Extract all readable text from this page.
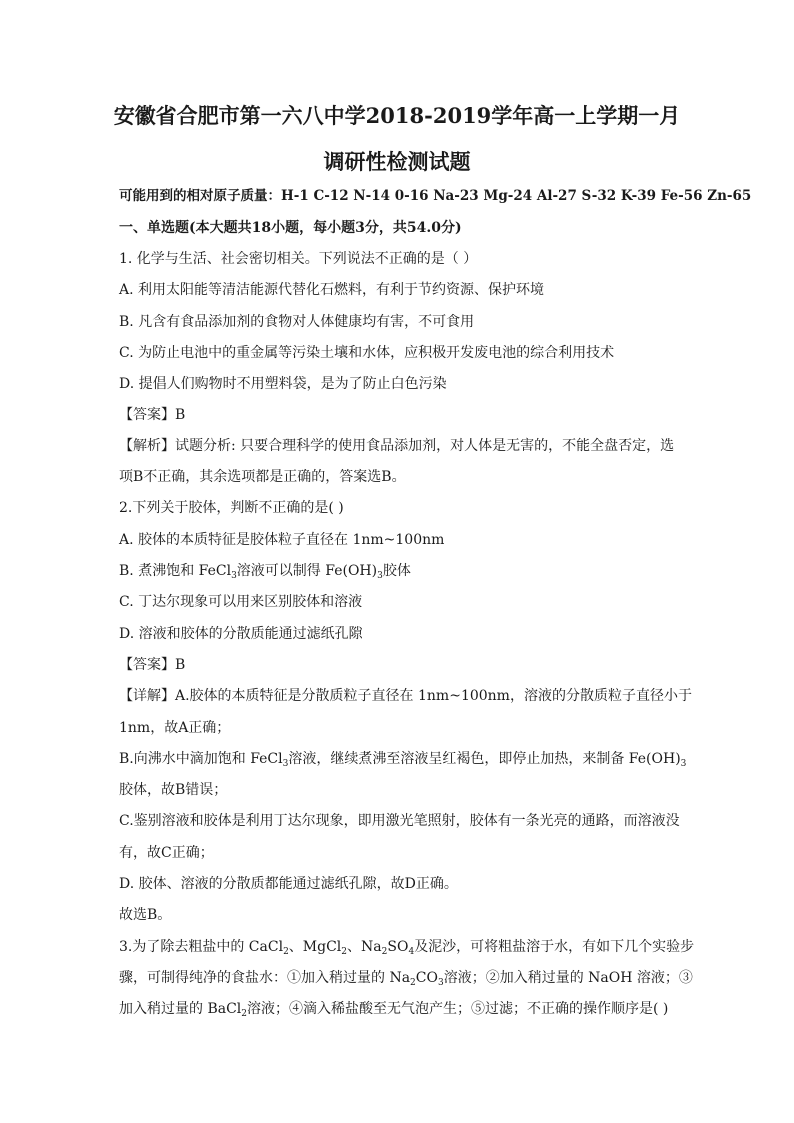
安徽省合肥市第一六八中学2018-2019学年高一上学期一月
调研性检测试题
可能用到的相对原子质量：H-1 C-12 N-14 0-16 Na-23 Mg-24 Al-27 S-32 K-39 Fe-56 Zn-65
一、单选题(本大题共18小题，每小题3分，共54.0分)
1. 化学与生活、社会密切相关。下列说法不正确的是（ ）
A. 利用太阳能等清洁能源代替化石燃料，有利于节约资源、保护环境
B. 凡含有食品添加剂的食物对人体健康均有害，不可食用
C. 为防止电池中的重金属等污染土壤和水体，应积极开发废电池的综合利用技术
D. 提倡人们购物时不用塑料袋，是为了防止白色污染
【答案】B
【解析】试题分析: 只要合理科学的使用食品添加剂，对人体是无害的，不能全盘否定，选
项B不正确，其余选项都是正确的，答案选B。
2.下列关于胶体，判断不正确的是( )
A. 胶体的本质特征是胶体粒子直径在 1nm~100nm
B. 煮沸饱和 FeCl$_3$溶液可以制得 $Fe(OH)_3$胶体
C. 丁达尔现象可以用来区别胶体和溶液
D. 溶液和胶体的分散质能通过滤纸孔隙
【答案】B
【详解】A.胶体的本质特征是分散质粒子直径在 1nm~100nm，溶液的分散质粒子直径小于
1nm，故A正确；
B.向沸水中滴加饱和 FeCl$_3$溶液，继续煮沸至溶液呈红褐色，即停止加热，来制备 $Fe(OH)_3$
胶体，故B错误；
C.鉴别溶液和胶体是利用丁达尔现象，即用激光笔照射，胶体有一条光亮的通路，而溶液没
有，故C正确；
D. 胶体、溶液的分散质都能通过滤纸孔隙，故D正确。
故选B。
3.为了除去粗盐中的 CaCl$_2$、MgCl$_2$、$Na_2SO_4$及泥沙，可将粗盐溶于水，有如下几个实验步
骤，可制得纯净的食盐水：①加入稍过量的 $Na_2CO_3$溶液；②加入稍过量的 NaOH 溶液；③
加入稍过量的 BaCl$_2$溶液；④滴入稀盐酸至无气泡产生；⑤过滤；不正确的操作顺序是( )
